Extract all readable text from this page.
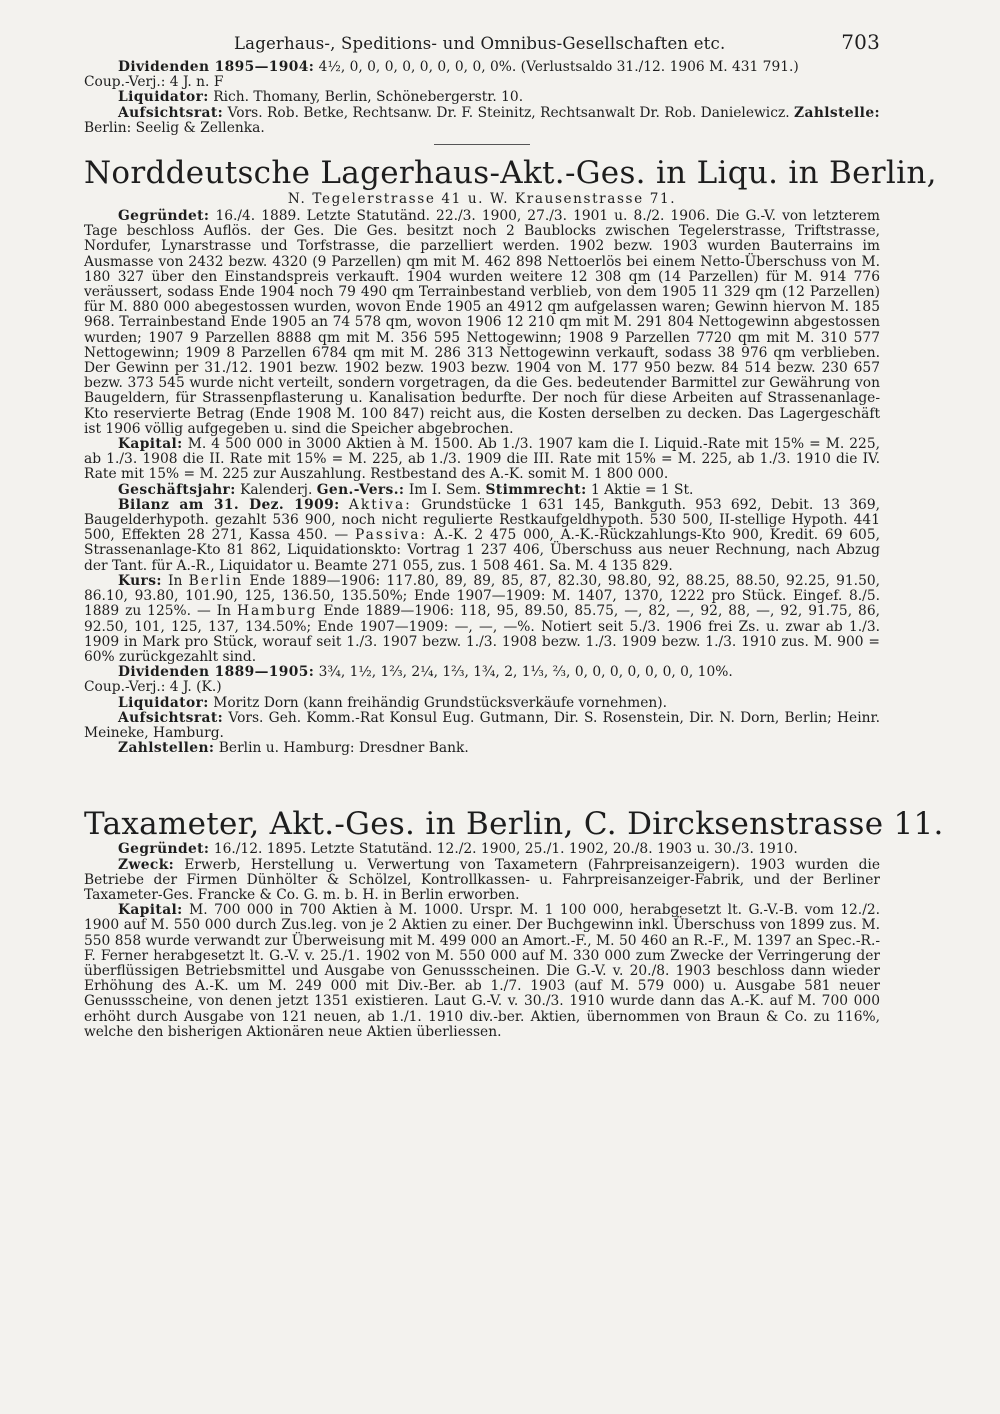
Lagerhaus-, Speditions- und Omnibus-Gesellschaften etc.	703

Dividenden 1895—1904: 4½, 0, 0, 0, 0, 0, 0, 0, 0, 0%. (Verlustsaldo 31./12. 1906 M. 431 791.)

Coup.-Verj.: 4 J. n. F

Liquidator: Rich. Thomany, Berlin, Schönebergerstr. 10.

Aufsichtsrat: Vors. Rob. Betke, Rechtsanw. Dr. F. Steinitz, Rechtsanwalt Dr. Rob. Danielewicz. Zahlstelle: Berlin: Seelig & Zellenka.

Norddeutsche Lagerhaus-Akt.-Ges. in Liqu. in Berlin,
N. Tegelerstrasse 41 u. W. Krausenstrasse 71.

Gegründet: 16./4. 1889. Letzte Statutänd. 22./3. 1900, 27./3. 1901 u. 8./2. 1906. Die G.-V. von letzterem Tage beschloss Auflös. der Ges. Die Ges. besitzt noch 2 Baublocks zwischen Tegelerstrasse, Triftstrasse, Nordufer, Lynarstrasse und Torfstrasse, die parzelliert werden. 1902 bezw. 1903 wurden Bauterrains im Ausmasse von 2432 bezw. 4320 (9 Parzellen) qm mit M. 462 898 Nettoerlös bei einem Netto-Überschuss von M. 180 327 über den Einstandspreis verkauft. 1904 wurden weitere 12 308 qm (14 Parzellen) für M. 914 776 veräussert, sodass Ende 1904 noch 79 490 qm Terrainbestand verblieb, von dem 1905 11 329 qm (12 Parzellen) für M. 880 000 abegestossen wurden, wovon Ende 1905 an 4912 qm aufgelassen waren; Gewinn hiervon M. 185 968. Terrainbestand Ende 1905 an 74 578 qm, wovon 1906 12 210 qm mit M. 291 804 Nettogewinn abgestossen wurden; 1907 9 Parzellen 8888 qm mit M. 356 595 Nettogewinn; 1908 9 Parzellen 7720 qm mit M. 310 577 Nettogewinn; 1909 8 Parzellen 6784 qm mit M. 286 313 Nettogewinn verkauft, sodass 38 976 qm verblieben. Der Gewinn per 31./12. 1901 bezw. 1902 bezw. 1903 bezw. 1904 von M. 177 950 bezw. 84 514 bezw. 230 657 bezw. 373 545 wurde nicht verteilt, sondern vorgetragen, da die Ges. bedeutender Barmittel zur Gewährung von Baugeldern, für Strassenpflasterung u. Kanalisation bedurfte. Der noch für diese Arbeiten auf Strassenanlage-Kto reservierte Betrag (Ende 1908 M. 100 847) reicht aus, die Kosten derselben zu decken. Das Lagergeschäft ist 1906 völlig aufgegeben u. sind die Speicher abgebrochen.

Kapital: M. 4 500 000 in 3000 Aktien à M. 1500. Ab 1./3. 1907 kam die I. Liquid.-Rate mit 15% = M. 225, ab 1./3. 1908 die II. Rate mit 15% = M. 225, ab 1./3. 1909 die III. Rate mit 15% = M. 225, ab 1./3. 1910 die IV. Rate mit 15% = M. 225 zur Auszahlung. Restbestand des A.-K. somit M. 1 800 000.

Geschäftsjahr: Kalenderj. Gen.-Vers.: Im I. Sem. Stimmrecht: 1 Aktie = 1 St.

Bilanz am 31. Dez. 1909: Aktiva: Grundstücke 1 631 145, Bankguth. 953 692, Debit. 13 369, Baugelderhypoth. gezahlt 536 900, noch nicht regulierte Restkaufgeldhypoth. 530 500, II-stellige Hypoth. 441 500, Effekten 28 271, Kassa 450. — Passiva: A.-K. 2 475 000, A.-K.-Rückzahlungs-Kto 900, Kredit. 69 605, Strassenanlage-Kto 81 862, Liquidationskto: Vortrag 1 237 406, Überschuss aus neuer Rechnung, nach Abzug der Tant. für A.-R., Liquidator u. Beamte 271 055, zus. 1 508 461. Sa. M. 4 135 829.

Kurs: In Berlin Ende 1889—1906: 117.80, 89, 89, 85, 87, 82.30, 98.80, 92, 88.25, 88.50, 92.25, 91.50, 86.10, 93.80, 101.90, 125, 136.50, 135.50%; Ende 1907—1909: M. 1407, 1370, 1222 pro Stück. Eingef. 8./5. 1889 zu 125%. — In Hamburg Ende 1889—1906: 118, 95, 89.50, 85.75, —, 82, —, 92, 88, —, 92, 91.75, 86, 92.50, 101, 125, 137, 134.50%; Ende 1907—1909: —, —, —%. Notiert seit 5./3. 1906 frei Zs. u. zwar ab 1./3. 1909 in Mark pro Stück, worauf seit 1./3. 1907 bezw. 1./3. 1908 bezw. 1./3. 1909 bezw. 1./3. 1910 zus. M. 900 = 60% zurückgezahlt sind.

Dividenden 1889—1905: 3¾, 1½, 1⅔, 2¼, 1⅔, 1¾, 2, 1⅓, ⅔, 0, 0, 0, 0, 0, 0, 0, 10%.

Coup.-Verj.: 4 J. (K.)

Liquidator: Moritz Dorn (kann freihändig Grundstücksverkäufe vornehmen).

Aufsichtsrat: Vors. Geh. Komm.-Rat Konsul Eug. Gutmann, Dir. S. Rosenstein, Dir. N. Dorn, Berlin; Heinr. Meineke, Hamburg.

Zahlstellen: Berlin u. Hamburg: Dresdner Bank.

Taxameter, Akt.-Ges. in Berlin, C. Dircksenstrasse 11.

Gegründet: 16./12. 1895. Letzte Statutänd. 12./2. 1900, 25./1. 1902, 20./8. 1903 u. 30./3. 1910.

Zweck: Erwerb, Herstellung u. Verwertung von Taxametern (Fahrpreisanzeigern). 1903 wurden die Betriebe der Firmen Dünhölter & Schölzel, Kontrollkassen- u. Fahrpreisanzeiger-Fabrik, und der Berliner Taxameter-Ges. Francke & Co. G. m. b. H. in Berlin erworben.

Kapital: M. 700 000 in 700 Aktien à M. 1000. Urspr. M. 1 100 000, herabgesetzt lt. G.-V.-B. vom 12./2. 1900 auf M. 550 000 durch Zus.leg. von je 2 Aktien zu einer. Der Buchgewinn inkl. Überschuss von 1899 zus. M. 550 858 wurde verwandt zur Überweisung mit M. 499 000 an Amort.-F., M. 50 460 an R.-F., M. 1397 an Spec.-R.-F. Ferner herabgesetzt lt. G.-V. v. 25./1. 1902 von M. 550 000 auf M. 330 000 zum Zwecke der Verringerung der überflüssigen Betriebsmittel und Ausgabe von Genussscheinen. Die G.-V. v. 20./8. 1903 beschloss dann wieder Erhöhung des A.-K. um M. 249 000 mit Div.-Ber. ab 1./7. 1903 (auf M. 579 000) u. Ausgabe 581 neuer Genussscheine, von denen jetzt 1351 existieren. Laut G.-V. v. 30./3. 1910 wurde dann das A.-K. auf M. 700 000 erhöht durch Ausgabe von 121 neuen, ab 1./1. 1910 div.-ber. Aktien, übernommen von Braun & Co. zu 116%, welche den bisherigen Aktionären neue Aktien überliessen.
